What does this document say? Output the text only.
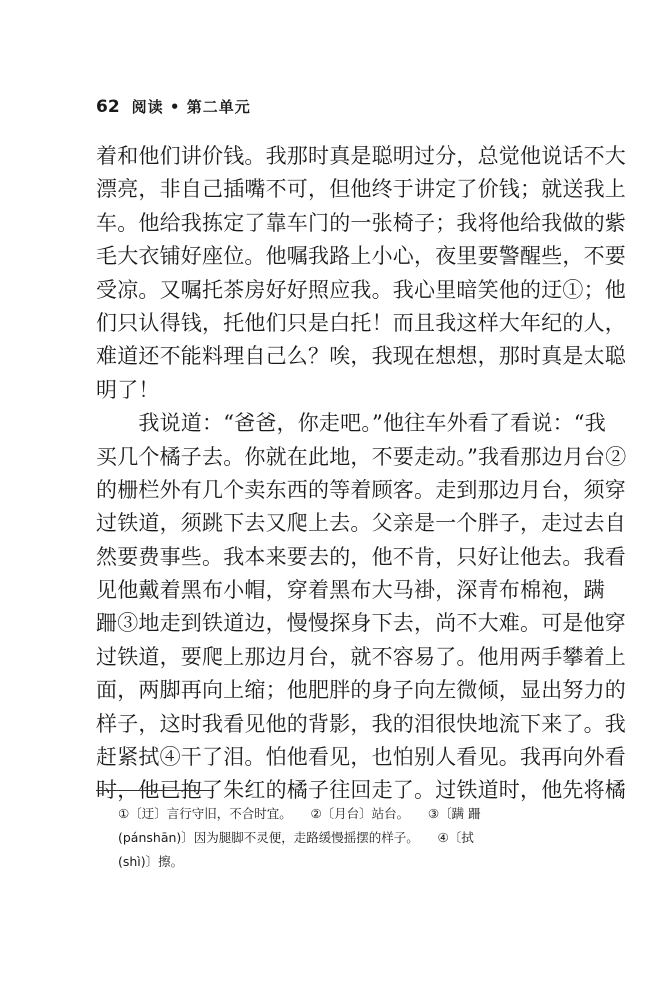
62 阅读 • 第二单元
着和他们讲价钱。我那时真是聪明过分，总觉他说话不大
漂亮，非自己插嘴不可，但他终于讲定了价钱；就送我上
车。他给我拣定了靠车门的一张椅子；我将他给我做的紫
毛大衣铺好座位。他嘱我路上小心，夜里要警醒些，不要
受凉。又嘱托茶房好好照应我。我心里暗笑他的迂①；他
们只认得钱，托他们只是白托！而且我这样大年纪的人，
难道还不能料理自己么？唉，我现在想想，那时真是太聪
明了！
　　我说道：“爸爸，你走吧。”他往车外看了看说：“我
买几个橘子去。你就在此地，不要走动。”我看那边月台②
的栅栏外有几个卖东西的等着顾客。走到那边月台，须穿
过铁道，须跳下去又爬上去。父亲是一个胖子，走过去自
然要费事些。我本来要去的，他不肯，只好让他去。我看
见他戴着黑布小帽，穿着黑布大马褂，深青布棉袍，蹒
跚③地走到铁道边，慢慢探身下去，尚不大难。可是他穿
过铁道，要爬上那边月台，就不容易了。他用两手攀着上
面，两脚再向上缩；他肥胖的身子向左微倾，显出努力的
样子，这时我看见他的背影，我的泪很快地流下来了。我
赶紧拭④干了泪。怕他看见，也怕别人看见。我再向外看
时，他已抱了朱红的橘子往回走了。过铁道时，他先将橘
①〔迂〕言行守旧，不合时宜。　　②〔月台〕站台。　　③〔蹒 跚
(pánshān)〕因为腿脚不灵便，走路缓慢摇摆的样子。　　④〔拭
(shì)〕擦。
